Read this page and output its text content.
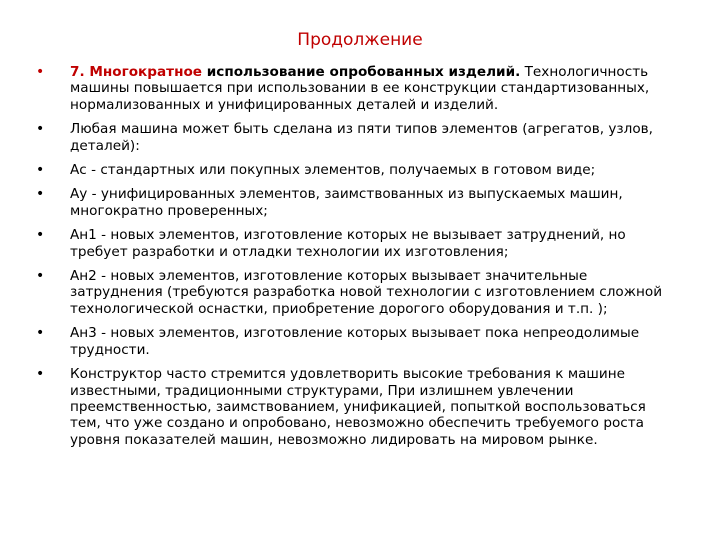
Продолжение
• 7. Многократное использование опробованных изделий. Технологичность машины повышается при использовании в ее конструкции стандартизованных, нормализованных и унифицированных деталей и изделий.
• Любая машина может быть сделана из пяти типов элементов (агрегатов, узлов, деталей):
• Ас - стандартных или покупных элементов, получаемых в готовом виде;
• Ау - унифицированных элементов, заимствованных из выпускаемых машин, многократно проверенных;
• Ан1 - новых элементов, изготовление которых не вызывает затруднений, но требует разработки и отладки технологии их изготовления;
• Ан2 - новых элементов, изготовление которых вызывает значительные затруднения (требуются разработка новой технологии с изготовлением сложной технологической оснастки, приобретение дорогого оборудования и т.п. );
• Ан3 - новых элементов, изготовление которых вызывает пока непреодолимые трудности.
• Конструктор часто стремится удовлетворить высокие требования к машине известными, традиционными структурами, При излишнем увлечении преемственностью, заимствованием, унификацией, попыткой воспользоваться тем, что уже создано и опробовано, невозможно обеспечить требуемого роста уровня показателей машин, невозможно лидировать на мировом рынке.
